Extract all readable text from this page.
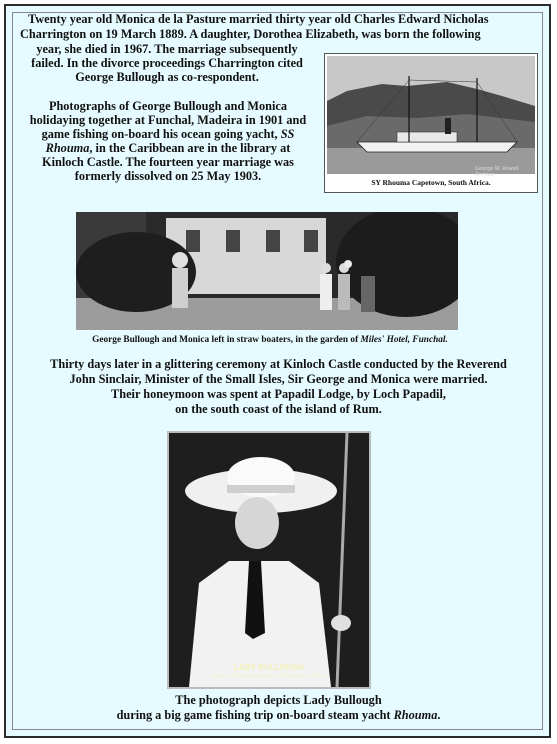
Twenty year old Monica de la Pasture married thirty year old Charles Edward Nicholas
Charrington on 19 March 1889. A daughter, Dorothea Elizabeth, was born the following
year, she died in 1967. The marriage subsequently
failed. In the divorce proceedings Charrington cited
George Bullough as co-respondent.
Photographs of George Bullough and Monica
holidaying together at Funchal, Madeira in 1901 and
game fishing on-board his ocean going yacht, SS
Rhouma, in the Caribbean are in the library at
Kinloch Castle. The fourteen year marriage was
formerly dissolved on 25 May 1903.	George W. Rowell Archive
SY Rhouma Capetown, South Africa.
George Bullough and Monica left in straw boaters, in the garden of Miles' Hotel, Funchal.
Thirty days later in a glittering ceremony at Kinloch Castle conducted by the Reverend
John Sinclair, Minister of the Small Isles, Sir George and Monica were married.
Their honeymoon was spent at Papadil Lodge, by Loch Papadil,
on the south coast of the island of Rum.
LADY BULLOUGH
Courtesy of Bullough Research and Photographic Archive
The photograph depicts Lady Bullough
during a big game fishing trip on-board steam yacht Rhouma.
